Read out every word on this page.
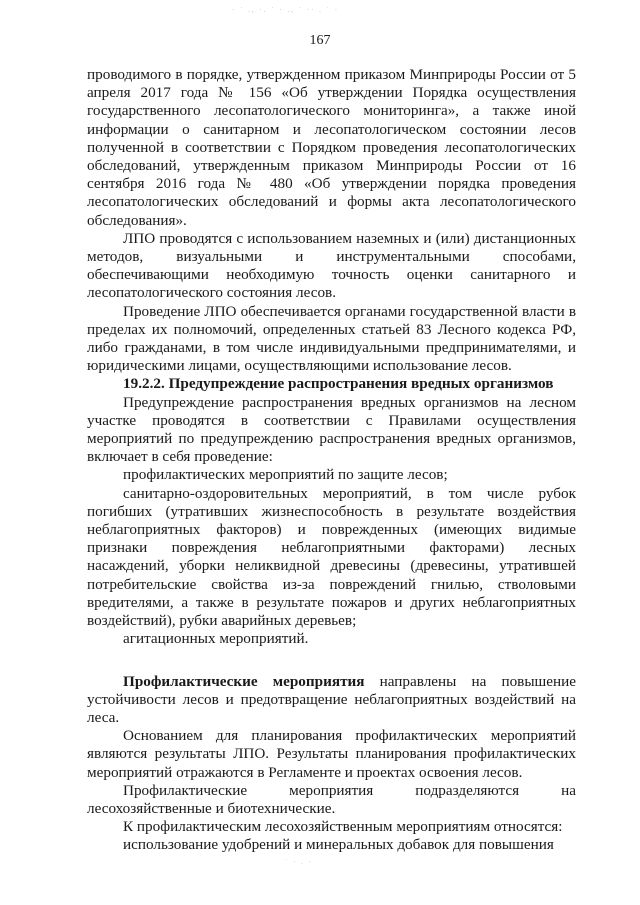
· ˙ ., ·. ˙ · ., ˙ ·· . ˙ ·
167

проводимого в порядке, утвержденном приказом Минприроды России от 5 апреля 2017 года № 156 «Об утверждении Порядка осуществления государственного лесопатологического мониторинга», а также иной информации о санитарном и лесопатологическом состоянии лесов полученной в соответствии с Порядком проведения лесопатологических обследований, утвержденным приказом Минприроды России от 16 сентября 2016 года № 480 «Об утверждении порядка проведения лесопатологических обследований и формы акта лесопатологического обследования».

ЛПО проводятся с использованием наземных и (или) дистанционных методов, визуальными и инструментальными способами, обеспечивающими необходимую точность оценки санитарного и лесопатологического состояния лесов.

Проведение ЛПО обеспечивается органами государственной власти в пределах их полномочий, определенных статьей 83 Лесного кодекса РФ, либо гражданами, в том числе индивидуальными предпринимателями, и юридическими лицами, осуществляющими использование лесов.

19.2.2. Предупреждение распространения вредных организмов

Предупреждение распространения вредных организмов на лесном участке проводятся в соответствии с Правилами осуществления мероприятий по предупреждению распространения вредных организмов, включает в себя проведение:

профилактических мероприятий по защите лесов;

санитарно-оздоровительных мероприятий, в том числе рубок погибших (утративших жизнеспособность в результате воздействия неблагоприятных факторов) и поврежденных (имеющих видимые признаки повреждения неблагоприятными факторами) лесных насаждений, уборки неликвидной древесины (древесины, утратившей потребительские свойства из-за повреждений гнилью, стволовыми вредителями, а также в результате пожаров и других неблагоприятных воздействий), рубки аварийных деревьев;

агитационных мероприятий.

Профилактические мероприятия направлены на повышение устойчивости лесов и предотвращение неблагоприятных воздействий на леса.

Основанием для планирования профилактических мероприятий являются результаты ЛПО. Результаты планирования профилактических мероприятий отражаются в Регламенте и проектах освоения лесов.

Профилактические мероприятия подразделяются на лесохозяйственные и биотехнические.

К профилактическим лесохозяйственным мероприятиям относятся:

использование удобрений и минеральных добавок для повышения

˙ · . ·
